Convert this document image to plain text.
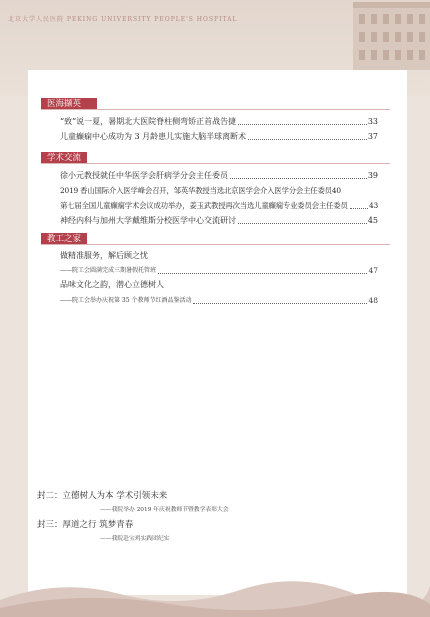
北京大学人民医院 PEKING UNIVERSITY PEOPLE'S HOSPITAL
医海撷英
“致”说一夏，暑期北大医院脊柱侧弯矫正首战告捷	33
儿童癫痫中心成功为 3 月龄患儿实施大脑半球离断术	37
学术交流
徐小元教授就任中华医学会肝病学分会主任委员	39
2019 香山国际介入医学峰会召开，邹英华教授当选北京医学会介入医学分会主任委员 40
第七届全国儿童癫痫学术会议成功举办，姜玉武教授再次当选儿童癫痫专业委员会主任委员	43
神经内科与加州大学戴维斯分校医学中心交流研讨	45
教工之家
做精准服务，解后顾之忧
——院工会圆满完成三期暑假托管班	47
品味文化之韵，潜心立德树人
——院工会举办庆祝第 35 个教师节红酒品鉴活动	48
封二：立德树人为本 学术引领未来
——我院举办 2019 年庆祝教师节暨教学表彰大会
封三：厚道之行 筑梦青春
——我院赴宝鸡实践团纪实
